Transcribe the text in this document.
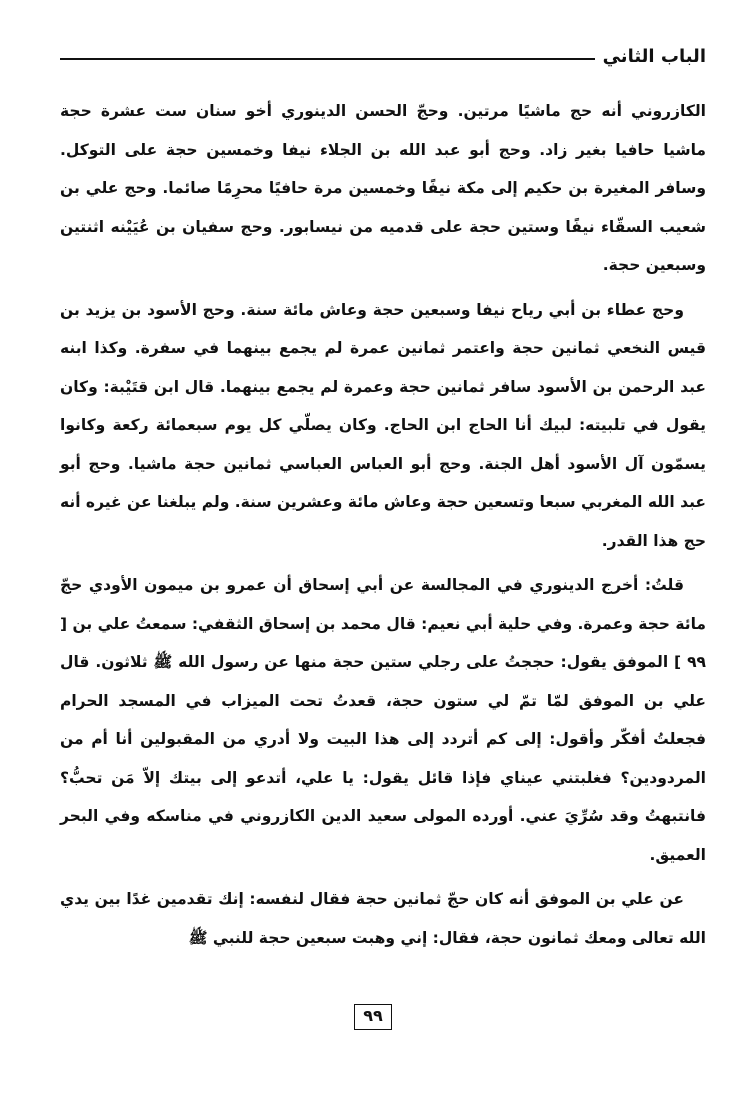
الباب الثاني

الكازروني أنه حج ماشيًا مرتين. وحجّ الحسن الدينوري أخو سنان ست عشرة حجة ماشيا حافيا بغير زاد. وحج أبو عبد الله بن الجلاء نيفا وخمسين حجة على التوكل. وسافر المغيرة بن حكيم إلى مكة نيفًا وخمسين مرة حافيًا محرِمًا صائما. وحج علي بن شعيب السقّاء نيفًا وستين حجة على قدميه من نيسابور. وحج سفيان بن عُيَيْنه اثنتين وسبعين حجة.

وحج عطاء بن أبي رياح نيفا وسبعين حجة وعاش مائة سنة. وحج الأسود بن يزيد بن قيس النخعي ثمانين حجة واعتمر ثمانين عمرة لم يجمع بينهما في سفرة. وكذا ابنه عبد الرحمن بن الأسود سافر ثمانين حجة وعمرة لم يجمع بينهما. قال ابن قتَيْبة: وكان يقول في تلبيته: لبيك أنا الحاج ابن الحاج. وكان يصلّي كل يوم سبعمائة ركعة وكانوا يسمّون آل الأسود أهل الجنة. وحج أبو العباس العباسي ثمانين حجة ماشيا. وحج أبو عبد الله المغربي سبعا وتسعين حجة وعاش مائة وعشرين سنة. ولم يبلغنا عن غيره أنه حج هذا القدر.

قلتُ: أخرج الدينوري في المجالسة عن أبي إسحاق أن عمرو بن ميمون الأودي حجّ مائة حجة وعمرة. وفي حلية أبي نعيم: قال محمد بن إسحاق الثقفي: سمعتُ علي بن [ ٩٩ ] الموفق يقول: حججتُ على رجلي ستين حجة منها عن رسول الله ﷺ ثلاثون. قال علي بن الموفق لمّا تمّ لي ستون حجة، قعدتُ تحت الميزاب في المسجد الحرام فجعلتُ أفكّر وأقول: إلى كم أتردد إلى هذا البيت ولا أدري من المقبولين أنا أم من المردودين؟ فغلبتني عيناي فإذا قائل يقول: يا علي، أتدعو إلى بيتك إلاّ مَن تحبُّ؟ فانتبهتُ وقد سُرِّيَ عني. أورده المولى سعيد الدين الكازروني في مناسكه وفي البحر العميق.

عن علي بن الموفق أنه كان حجّ ثمانين حجة فقال لنفسه: إنك تقدمين غدًا بين يدي الله تعالى ومعك ثمانون حجة، فقال: إني وهبت سبعين حجة للنبي ﷺ

٩٩
